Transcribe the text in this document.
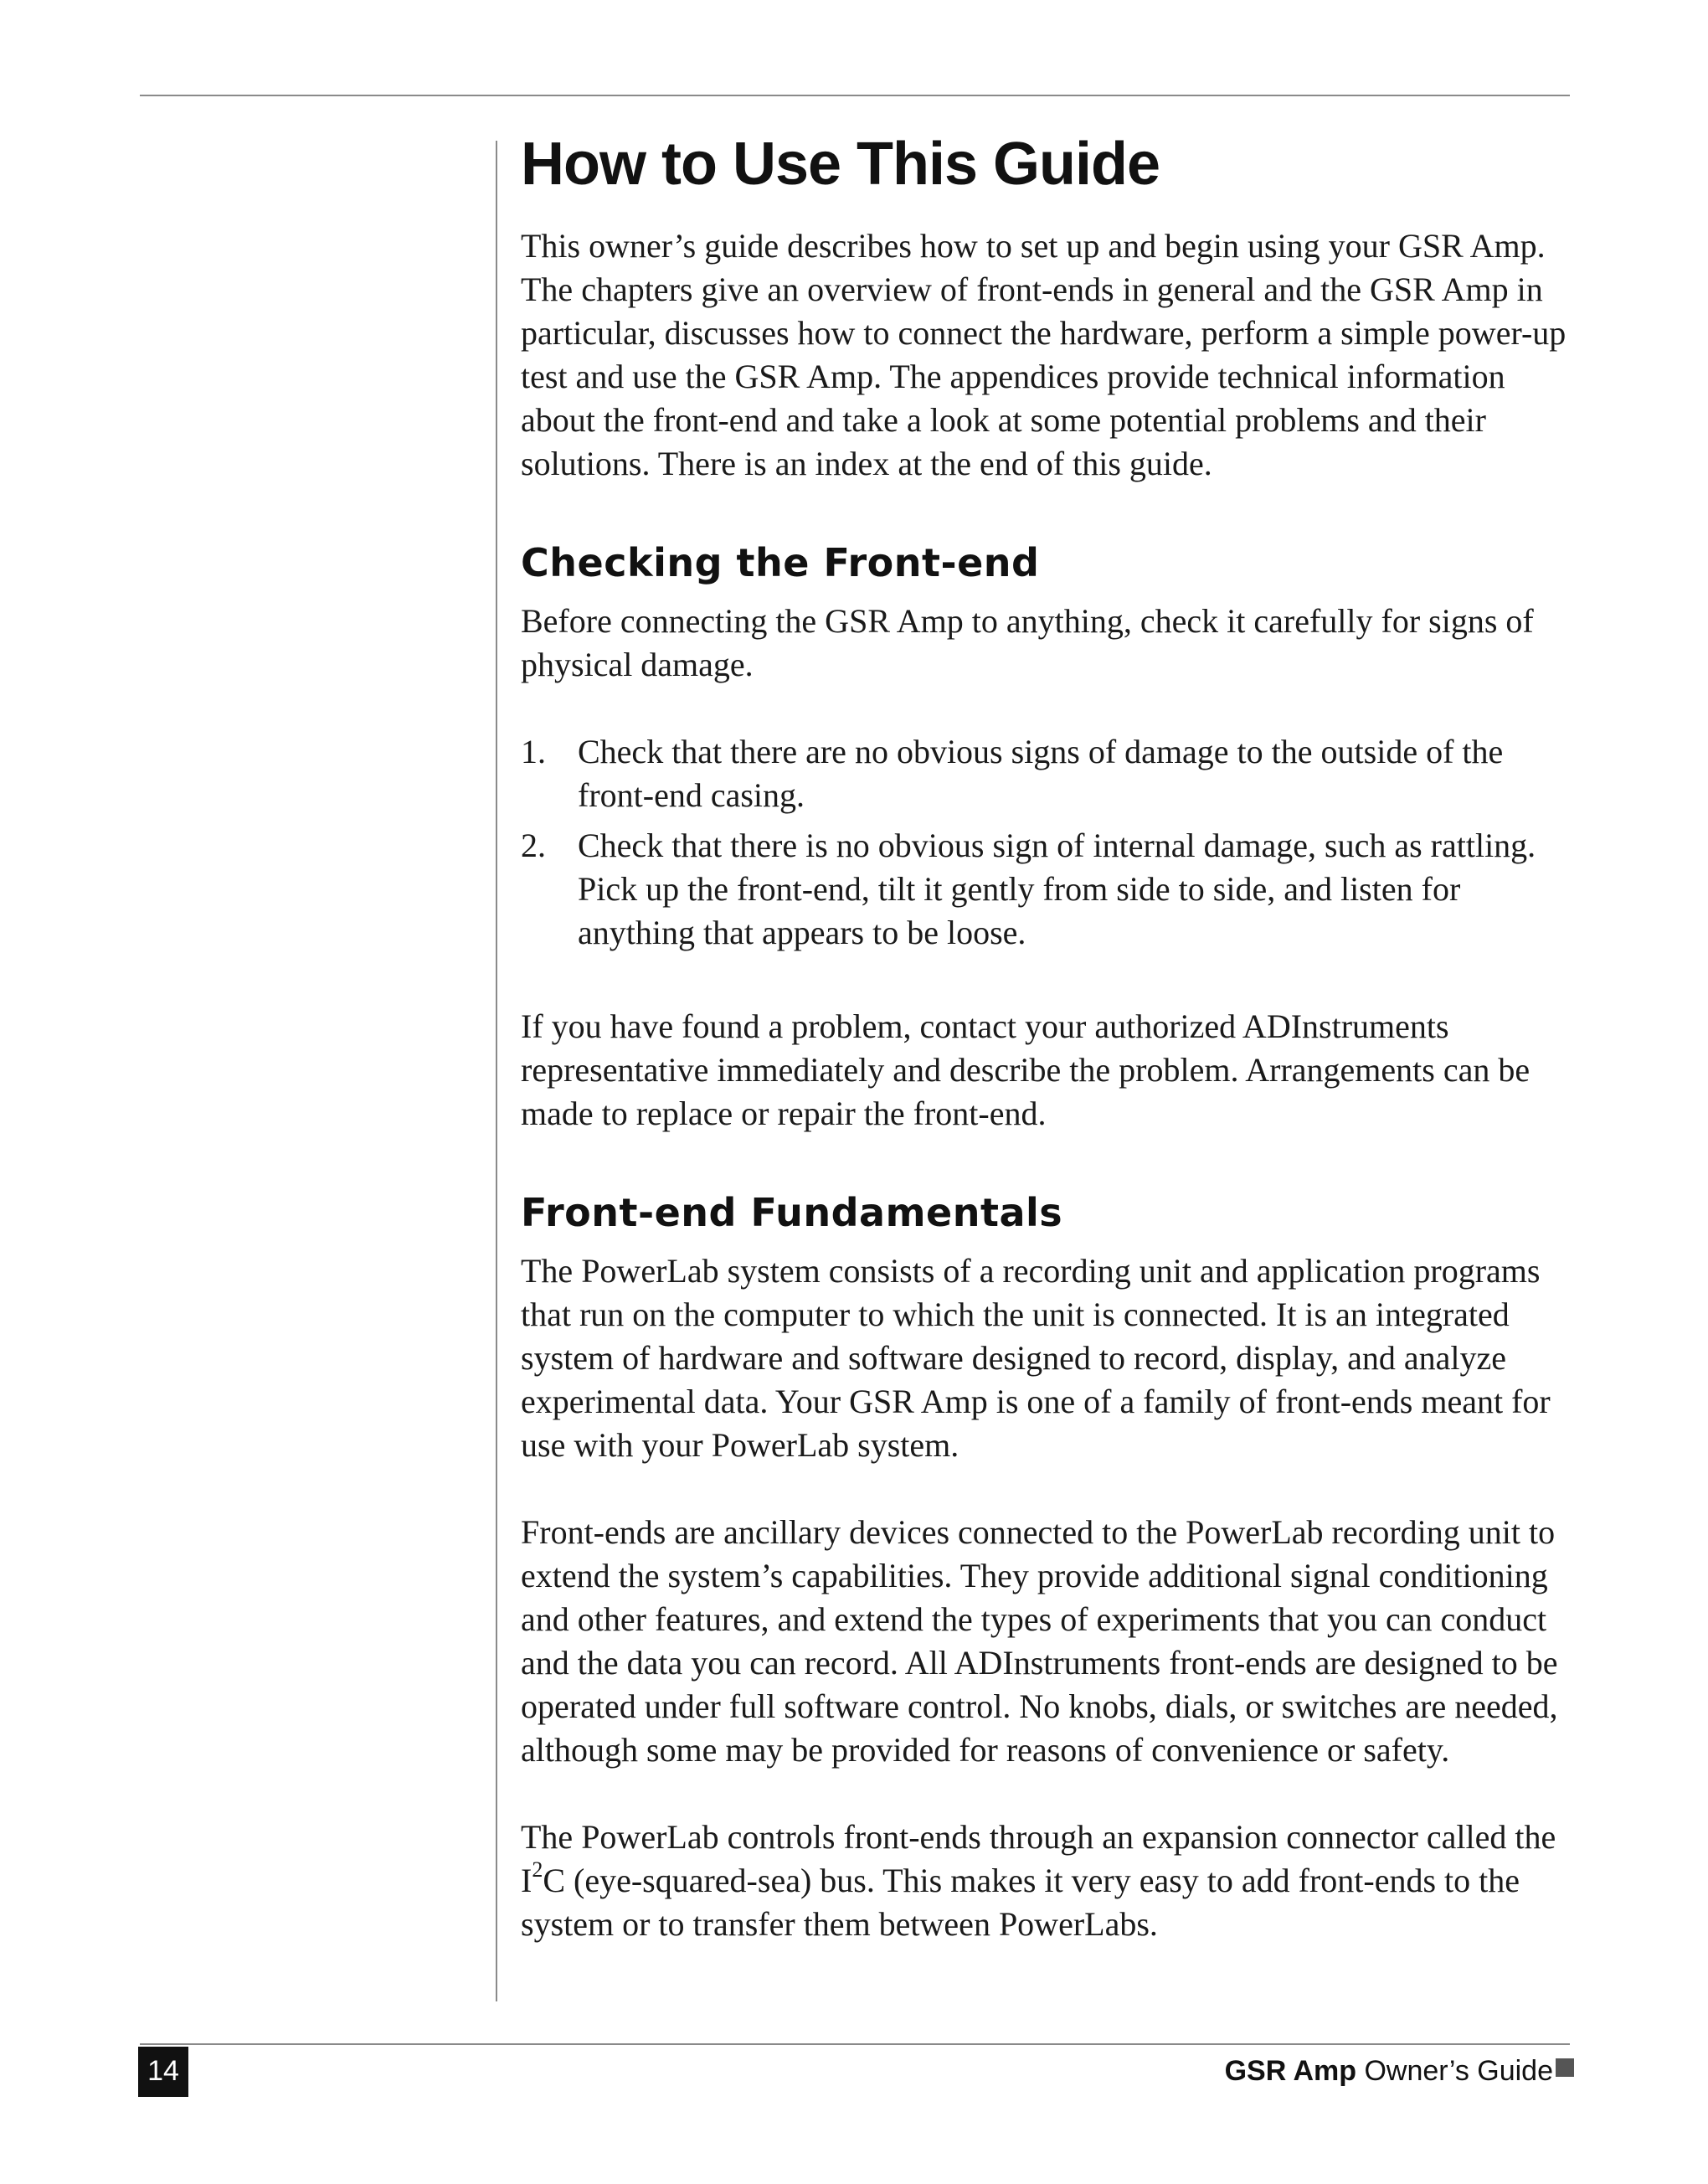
How to Use This Guide

This owner’s guide describes how to set up and begin using your GSR Amp. The chapters give an overview of front-ends in general and the GSR Amp in particular, discusses how to connect the hardware, perform a simple power-up test and use the GSR Amp. The appendices provide technical information about the front-end and take a look at some potential problems and their solutions. There is an index at the end of this guide.

Checking the Front-end

Before connecting the GSR Amp to anything, check it carefully for signs of physical damage.

1. Check that there are no obvious signs of damage to the outside of the front-end casing.
2. Check that there is no obvious sign of internal damage, such as rattling. Pick up the front-end, tilt it gently from side to side, and listen for anything that appears to be loose.

If you have found a problem, contact your authorized ADInstruments representative immediately and describe the problem. Arrangements can be made to replace or repair the front-end.

Front-end Fundamentals

The PowerLab system consists of a recording unit and application programs that run on the computer to which the unit is connected. It is an integrated system of hardware and software designed to record, display, and analyze experimental data. Your GSR Amp is one of a family of front-ends meant for use with your PowerLab system.

Front-ends are ancillary devices connected to the PowerLab recording unit to extend the system’s capabilities. They provide additional signal conditioning and other features, and extend the types of experiments that you can conduct and the data you can record. All ADInstruments front-ends are designed to be operated under full software control. No knobs, dials, or switches are needed, although some may be provided for reasons of convenience or safety.

The PowerLab controls front-ends through an expansion connector called the $I^2C$ (eye-squared-sea) bus. This makes it very easy to add front-ends to the system or to transfer them between PowerLabs.

14	GSR Amp Owner’s Guide
